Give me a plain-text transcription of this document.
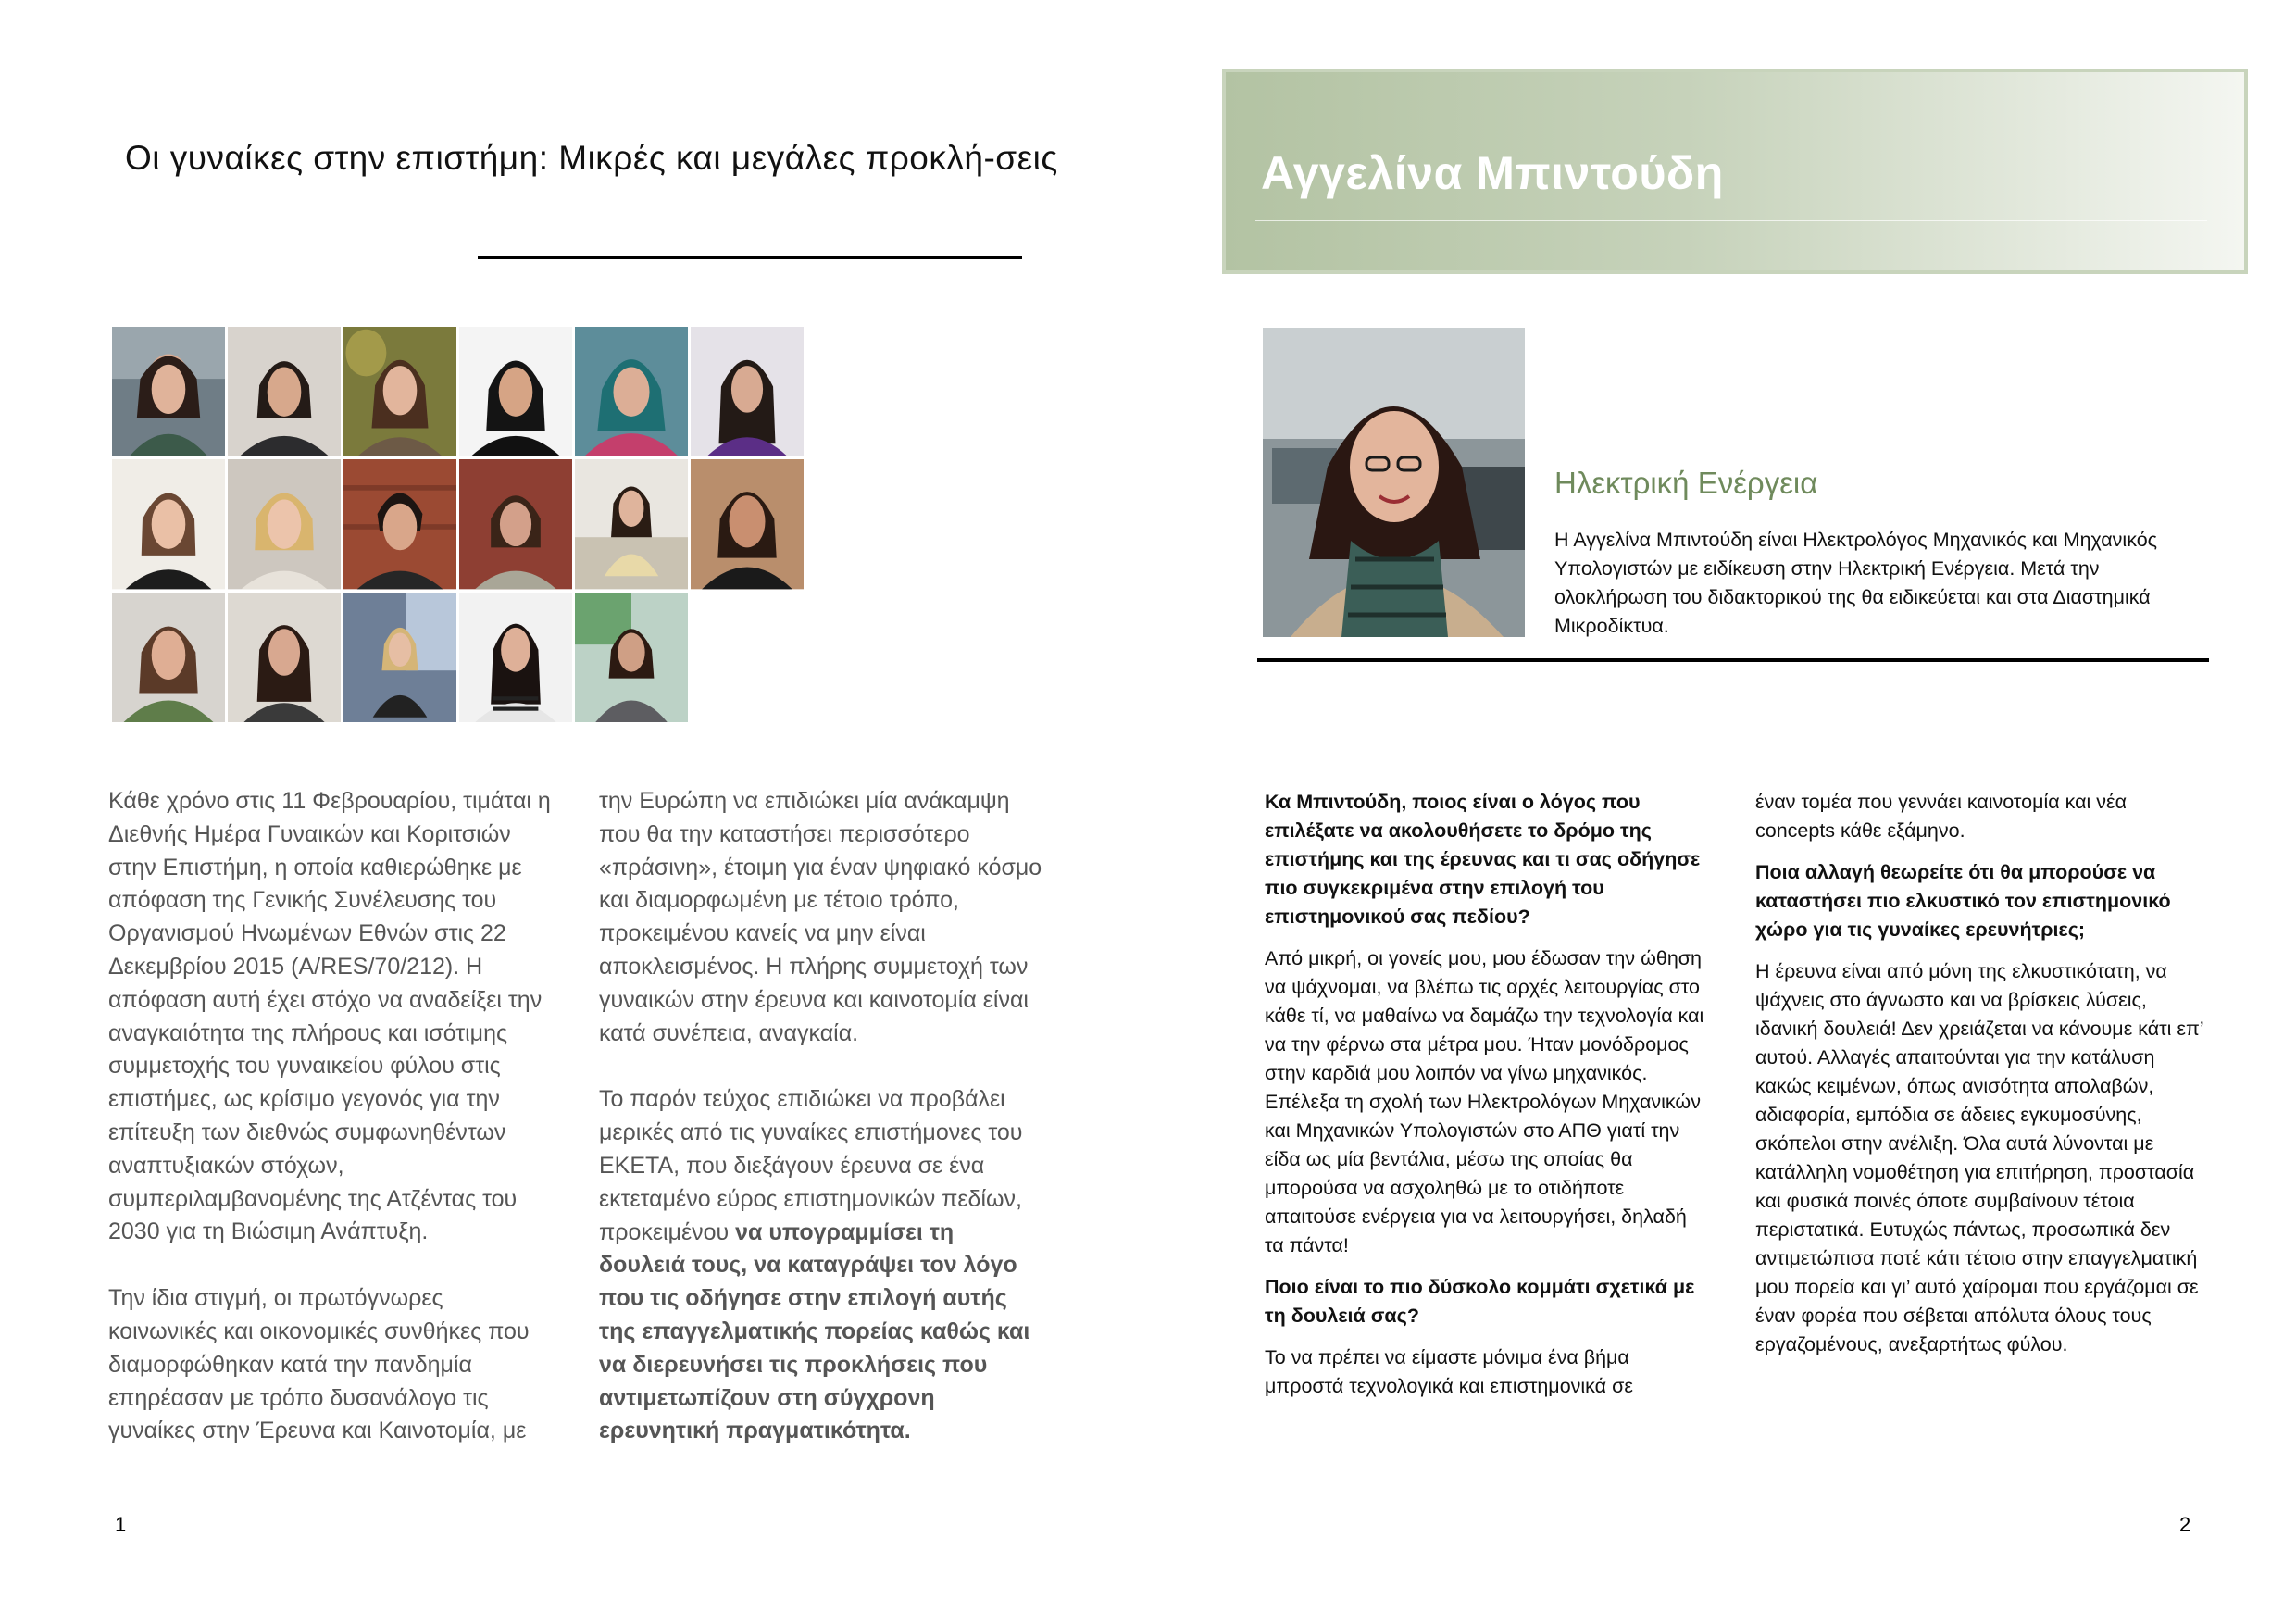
Οι γυναίκες στην επιστήμη: Μικρές και μεγάλες προκλή-σεις

Κάθε χρόνο στις 11 Φεβρουαρίου, τιμάται η Διεθνής Ημέρα Γυναικών και Κοριτσιών στην Επιστήμη, η οποία καθιερώθηκε με απόφαση της Γενικής Συνέλευσης του Οργανισμού Ηνωμένων Εθνών στις 22 Δεκεμβρίου 2015 (A/RES/70/212). Η απόφαση αυτή έχει στόχο να αναδείξει την αναγκαιότητα της πλήρους και ισότιμης συμμετοχής του γυναικείου φύλου στις επιστήμες, ως κρίσιμο γεγονός για την επίτευξη των διεθνώς συμφωνηθέντων αναπτυξιακών στόχων, συμπεριλαμβανομένης της Ατζέντας του 2030 για τη Βιώσιμη Ανάπτυξη.

Την ίδια στιγμή, οι πρωτόγνωρες κοινωνικές και οικονομικές συνθήκες που διαμορφώθηκαν κατά την πανδημία επηρέασαν με τρόπο δυσανάλογο τις γυναίκες στην Έρευνα και Καινοτομία, με

την Ευρώπη να επιδιώκει μία ανάκαμψη που θα την καταστήσει περισσότερο «πράσινη», έτοιμη για έναν ψηφιακό κόσμο και διαμορφωμένη με τέτοιο τρόπο, προκειμένου κανείς να μην είναι αποκλεισμένος. Η πλήρης συμμετοχή των γυναικών στην έρευνα και καινοτομία είναι κατά συνέπεια, αναγκαία.

Το παρόν τεύχος επιδιώκει να προβάλει μερικές από τις γυναίκες επιστήμονες του ΕΚΕΤΑ, που διεξάγουν έρευνα σε ένα εκτεταμένο εύρος επιστημονικών πεδίων, προκειμένου να υπογραμμίσει τη δουλειά τους, να καταγράψει τον λόγο που τις οδήγησε στην επιλογή αυτής της επαγγελματικής πορείας καθώς και να διερευνήσει τις προκλήσεις που αντιμετωπίζουν στη σύγχρονη ερευνητική πραγματικότητα.

1
Αγγελίνα Μπιντούδη
Ηλεκτρική Ενέργεια
Η Αγγελίνα Μπιντούδη είναι Ηλεκτρολόγος Μηχανικός και Μηχανικός Υπολογιστών με ειδίκευση στην Ηλεκτρική Ενέργεια. Μετά την ολοκλήρωση του διδακτορικού της θα ειδικεύεται και στα Διαστημικά Μικροδίκτυα.

Κα Μπιντούδη, ποιος είναι ο λόγος που επιλέξατε να ακολουθήσετε το δρόμο της επιστήμης και της έρευνας και τι σας οδήγησε πιο συγκεκριμένα στην επιλογή του επιστημονικού σας πεδίου?

Από μικρή, οι γονείς μου, μου έδωσαν την ώθηση να ψάχνομαι, να βλέπω τις αρχές λειτουργίας στο κάθε τί, να μαθαίνω να δαμάζω την τεχνολογία και να την φέρνω στα μέτρα μου. Ήταν μονόδρομος στην καρδιά μου λοιπόν να γίνω μηχανικός. Επέλεξα τη σχολή των Ηλεκτρολόγων Μηχανικών και Μηχανικών Υπολογιστών στο ΑΠΘ γιατί την είδα ως μία βεντάλια, μέσω της οποίας θα μπορούσα να ασχοληθώ με το οτιδήποτε απαιτούσε ενέργεια για να λειτουργήσει, δηλαδή τα πάντα!

Ποιο είναι το πιο δύσκολο κομμάτι σχετικά με τη δουλειά σας?

Το να πρέπει να είμαστε μόνιμα ένα βήμα μπροστά τεχνολογικά και επιστημονικά σε

έναν τομέα που γεννάει καινοτομία και νέα concepts κάθε εξάμηνο.

Ποια αλλαγή θεωρείτε ότι θα μπορούσε να καταστήσει πιο ελκυστικό τον επιστημονικό χώρο για τις γυναίκες ερευνήτριες;

Η έρευνα είναι από μόνη της ελκυστικότατη, να ψάχνεις στο άγνωστο και να βρίσκεις λύσεις, ιδανική δουλειά! Δεν χρειάζεται να κάνουμε κάτι επ’ αυτού. Αλλαγές απαιτούνται για την κατάλυση κακώς κειμένων, όπως ανισότητα απολαβών, αδιαφορία, εμπόδια σε άδειες εγκυμοσύνης, σκόπελοι στην ανέλιξη. Όλα αυτά λύνονται με κατάλληλη νομοθέτηση για επιτήρηση, προστασία και φυσικά ποινές όποτε συμβαίνουν τέτοια περιστατικά. Ευτυχώς πάντως, προσωπικά δεν αντιμετώπισα ποτέ κάτι τέτοιο στην επαγγελματική μου πορεία και γι’ αυτό χαίρομαι που εργάζομαι σε έναν φορέα που σέβεται απόλυτα όλους τους εργαζομένους, ανεξαρτήτως φύλου.

2
